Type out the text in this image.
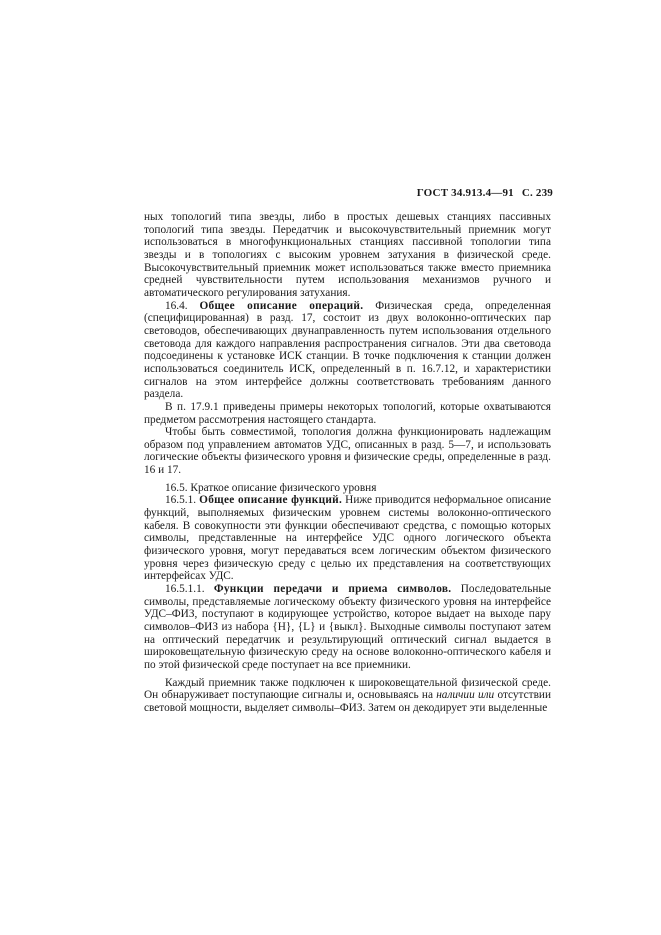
ГОСТ 34.913.4—91 С. 239

ных топологий типа звезды, либо в простых дешевых станциях пассивных топологий типа звезды. Передатчик и высокочувствительный приемник могут использоваться в многофункциональных станциях пассивной топологии типа звезды и в топологиях с высоким уровнем затухания в физической среде. Высокочувствительный приемник может использоваться также вместо приемника средней чувствительности путем использования механизмов ручного и автоматического регулирования затухания.

16.4. Общее описание операций. Физическая среда, определенная (специфицированная) в разд. 17, состоит из двух волоконно-оптических пар световодов, обеспечивающих двунаправленность путем использования отдельного световода для каждого направления распространения сигналов. Эти два световода подсоединены к установке ИСК станции. В точке подключения к станции должен использоваться соединитель ИСК, определенный в п. 16.7.12, и характеристики сигналов на этом интерфейсе должны соответствовать требованиям данного раздела.

В п. 17.9.1 приведены примеры некоторых топологий, которые охватываются предметом рассмотрения настоящего стандарта.

Чтобы быть совместимой, топология должна функционировать надлежащим образом под управлением автоматов УДС, описанных в разд. 5—7, и использовать логические объекты физического уровня и физические среды, определенные в разд. 16 и 17.

16.5. Краткое описание физического уровня

16.5.1. Общее описание функций. Ниже приводится неформальное описание функций, выполняемых физическим уровнем системы волоконно-оптического кабеля. В совокупности эти функции обеспечивают средства, с помощью которых символы, представленные на интерфейсе УДС одного логического объекта физического уровня, могут передаваться всем логическим объектом физического уровня через физическую среду с целью их представления на соответствующих интерфейсах УДС.

16.5.1.1. Функции передачи и приема символов. Последовательные символы, представляемые логическому объекту физического уровня на интерфейсе УДС–ФИЗ, поступают в кодирующее устройство, которое выдает на выходе пару символов–ФИЗ из набора {Н}, {L} и {выкл}. Выходные символы поступают затем на оптический передатчик и результирующий оптический сигнал выдается в широковещательную физическую среду на основе волоконно-оптического кабеля и по этой физической среде поступает на все приемники.

Каждый приемник также подключен к широковещательной физической среде. Он обнаруживает поступающие сигналы и, основываясь на наличии или отсутствии световой мощности, выделяет символы–ФИЗ. Затем он декодирует эти выделенные
